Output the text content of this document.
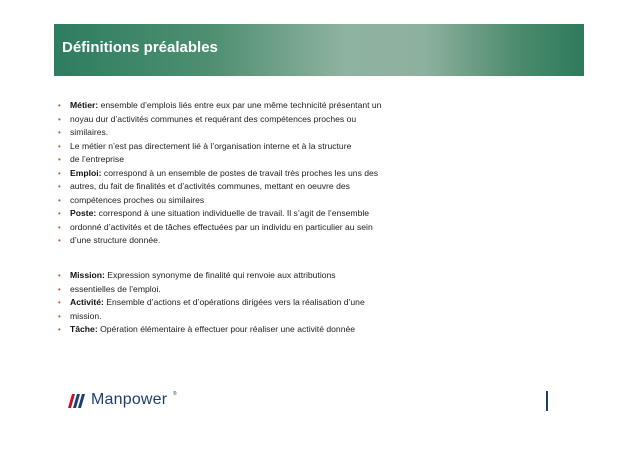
Définitions préalables
• Métier: ensemble d’emplois liés entre eux par une même technicité présentant un
• noyau dur d’activités communes et requérant des compétences proches ou
• similaires.
• Le métier n’est pas directement lié à l’organisation interne et à la structure
• de l’entreprise
• Emploi: correspond à un ensemble de postes de travail très proches les uns des
• autres, du fait de finalités et d’activités communes, mettant en oeuvre des
• compétences proches ou similaires
• Poste: correspond à une situation individuelle de travail. Il s’agit de l’ensemble
• ordonné d’activités et de tâches effectuées par un individu en particulier au sein
• d’une structure donnée.
• Mission: Expression synonyme de finalité qui renvoie aux attributions
• essentielles de l’emploi.
• Activité: Ensemble d’actions et d’opérations dirigées vers la réalisation d’une
• mission.
• Tâche: Opération élémentaire à effectuer pour réaliser une activité donnée
Manpower ®
